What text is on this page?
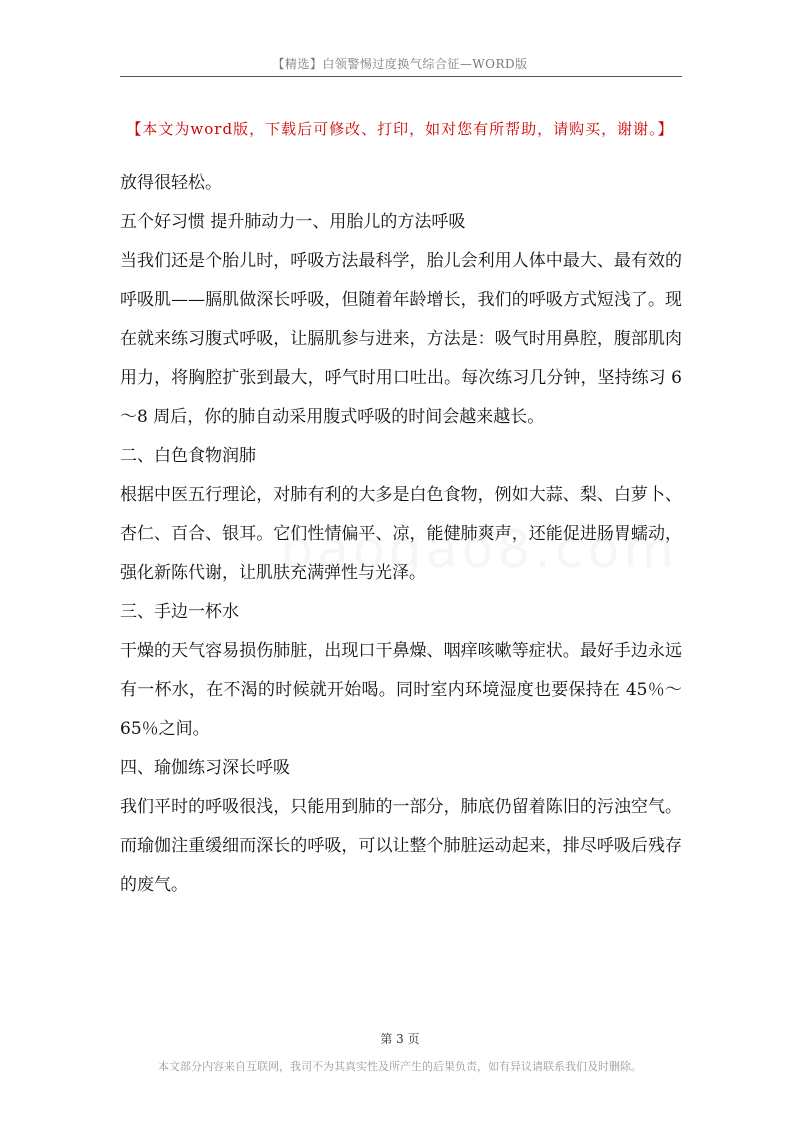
【精选】白领警惕过度换气综合征—WORD版
【本文为word版，下载后可修改、打印，如对您有所帮助，请购买，谢谢。】

放得很轻松。

五个好习惯 提升肺动力一、用胎儿的方法呼吸

当我们还是个胎儿时，呼吸方法最科学，胎儿会利用人体中最大、最有效的呼吸肌——膈肌做深长呼吸，但随着年龄增长，我们的呼吸方式短浅了。现在就来练习腹式呼吸，让膈肌参与进来，方法是：吸气时用鼻腔，腹部肌肉用力，将胸腔扩张到最大，呼气时用口吐出。每次练习几分钟，坚持练习 6～8 周后，你的肺自动采用腹式呼吸的时间会越来越长。

二、白色食物润肺

根据中医五行理论，对肺有利的大多是白色食物，例如大蒜、梨、白萝卜、杏仁、百合、银耳。它们性情偏平、凉，能健肺爽声，还能促进肠胃蠕动，强化新陈代谢，让肌肤充满弹性与光泽。

三、手边一杯水

干燥的天气容易损伤肺脏，出现口干鼻燥、咽痒咳嗽等症状。最好手边永远有一杯水，在不渴的时候就开始喝。同时室内环境湿度也要保持在 45％～65％之间。

四、瑜伽练习深长呼吸

我们平时的呼吸很浅，只能用到肺的一部分，肺底仍留着陈旧的污浊空气。而瑜伽注重缓细而深长的呼吸，可以让整个肺脏运动起来，排尽呼吸后残存的废气。

第 3 页
本文部分内容来自互联网，我司不为其真实性及所产生的后果负责，如有异议请联系我们及时删除。
